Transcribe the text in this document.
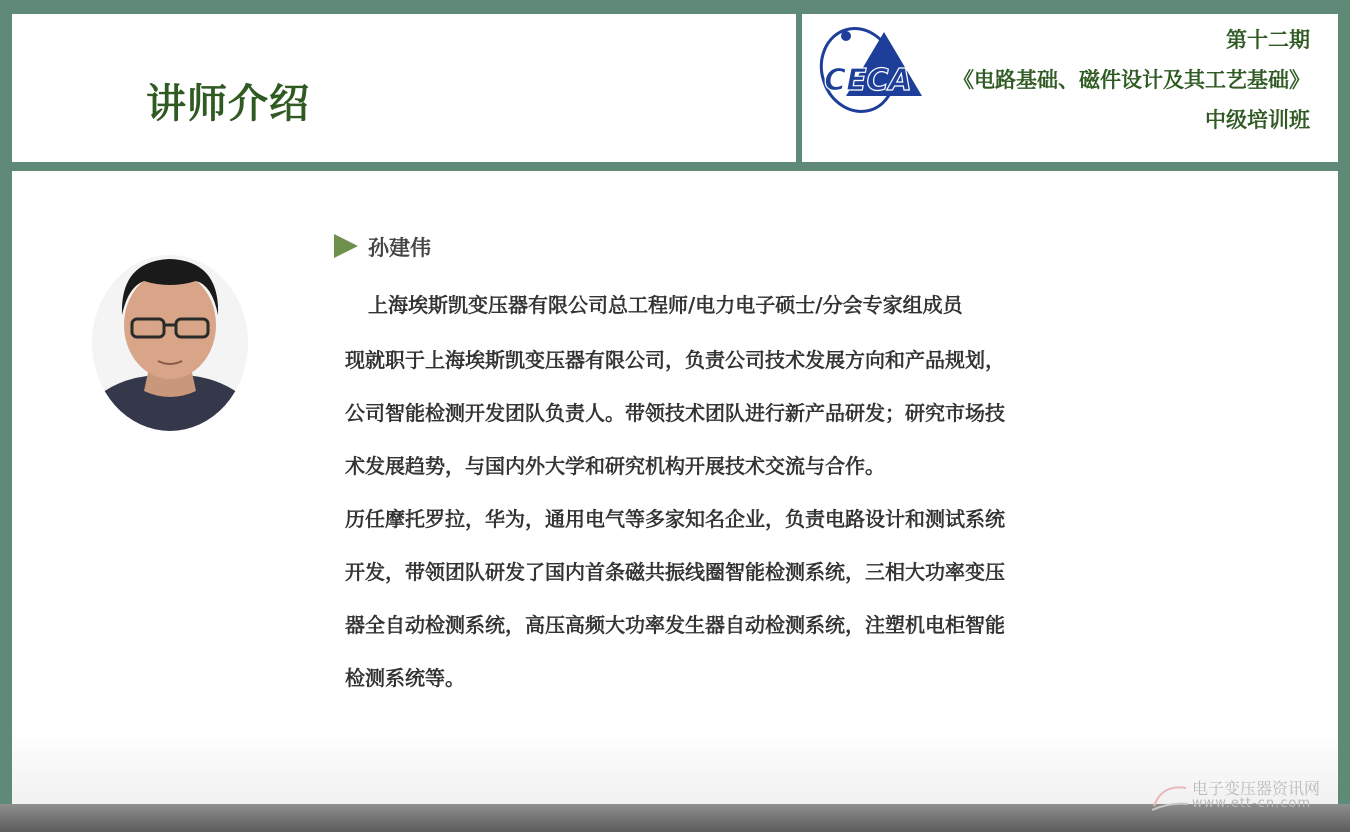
讲师介绍
CECA

第十二期

《电路基础、磁件设计及其工艺基础》

中级培训班

孙建伟

上海埃斯凯变压器有限公司总工程师/电力电子硕士/分会专家组成员

现就职于上海埃斯凯变压器有限公司，负责公司技术发展方向和产品规划，
公司智能检测开发团队负责人。带领技术团队进行新产品研发；研究市场技
术发展趋势，与国内外大学和研究机构开展技术交流与合作。
历任摩托罗拉，华为，通用电气等多家知名企业，负责电路设计和测试系统
开发，带领团队研发了国内首条磁共振线圈智能检测系统，三相大功率变压
器全自动检测系统，高压高频大功率发生器自动检测系统，注塑机电柜智能
检测系统等。

电子变压器资讯网

www.ett-cn.com
